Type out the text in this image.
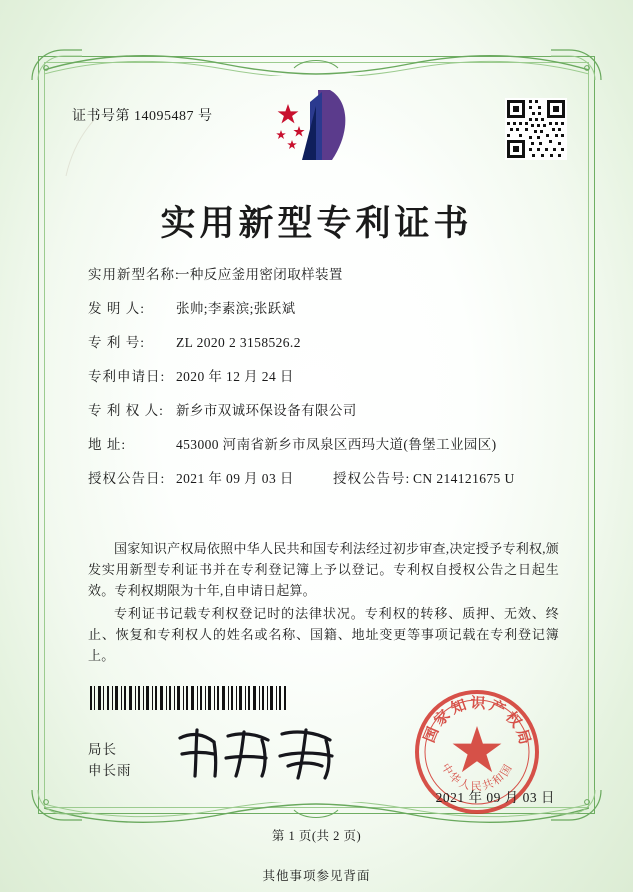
证书号第 14095487 号
实用新型专利证书
实用新型名称:
一种反应釜用密闭取样装置
发 明 人:	张帅;李素滨;张跃斌
专 利 号:	ZL 2020 2 3158526.2
专利申请日: 2020 年 12 月 24 日
专 利 权 人: 新乡市双诚环保设备有限公司
地 址:	453000 河南省新乡市凤泉区西玛大道(鲁堡工业园区)
授权公告日: 2021 年 09 月 03 日	授权公告号: CN 214121675 U

国家知识产权局依照中华人民共和国专利法经过初步审查,决定授予专利权,颁发实用新型专利证书并在专利登记簿上予以登记。专利权自授权公告之日起生效。专利权期限为十年,自申请日起算。

专利证书记载专利权登记时的法律状况。专利权的转移、质押、无效、终止、恢复和专利权人的姓名或名称、国籍、地址变更等事项记载在专利登记簿上。

国家知识产权局
中华人民共和国
局长
申长雨
2021 年 09 月 03 日
第 1 页(共 2 页)
其他事项参见背面
